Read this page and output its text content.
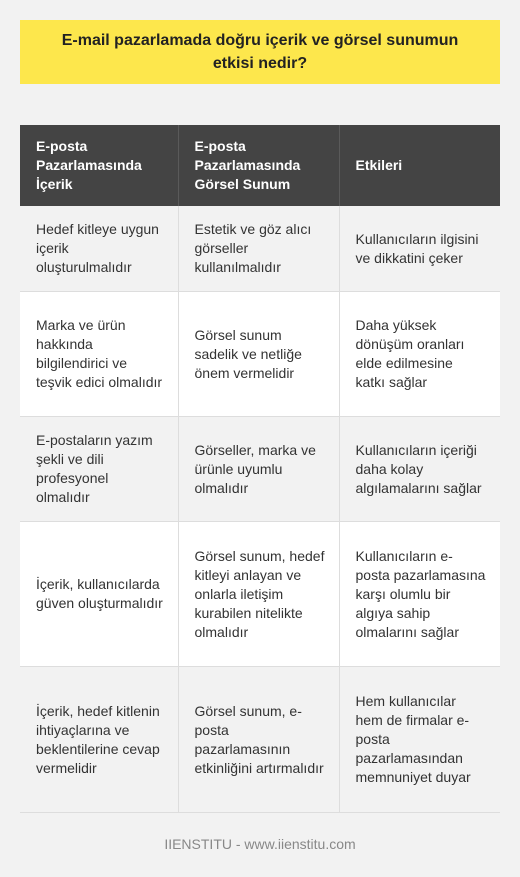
E-mail pazarlamada doğru içerik ve görsel sunumun etkisi nedir?
E-posta Pazarlamasında İçerik	E-posta Pazarlamasında Görsel Sunum	Etkileri
Hedef kitleye uygun içerik oluşturulmalıdır	Estetik ve göz alıcı görseller kullanılmalıdır	Kullanıcıların ilgisini ve dikkatini çeker
Marka ve ürün hakkında bilgilendirici ve teşvik edici olmalıdır	Görsel sunum sadelik ve netliğe önem vermelidir	Daha yüksek dönüşüm oranları elde edilmesine katkı sağlar
E-postaların yazım şekli ve dili profesyonel olmalıdır	Görseller, marka ve ürünle uyumlu olmalıdır	Kullanıcıların içeriği daha kolay algılamalarını sağlar
İçerik, kullanıcılarda güven oluşturmalıdır	Görsel sunum, hedef kitleyi anlayan ve onlarla iletişim kurabilen nitelikte olmalıdır	Kullanıcıların e-posta pazarlamasına karşı olumlu bir algıya sahip olmalarını sağlar
İçerik, hedef kitlenin ihtiyaçlarına ve beklentilerine cevap vermelidir	Görsel sunum, e-posta pazarlamasının etkinliğini artırmalıdır	Hem kullanıcılar hem de firmalar e-posta pazarlamasından memnuniyet duyar
IIENSTITU - www.iienstitu.com
